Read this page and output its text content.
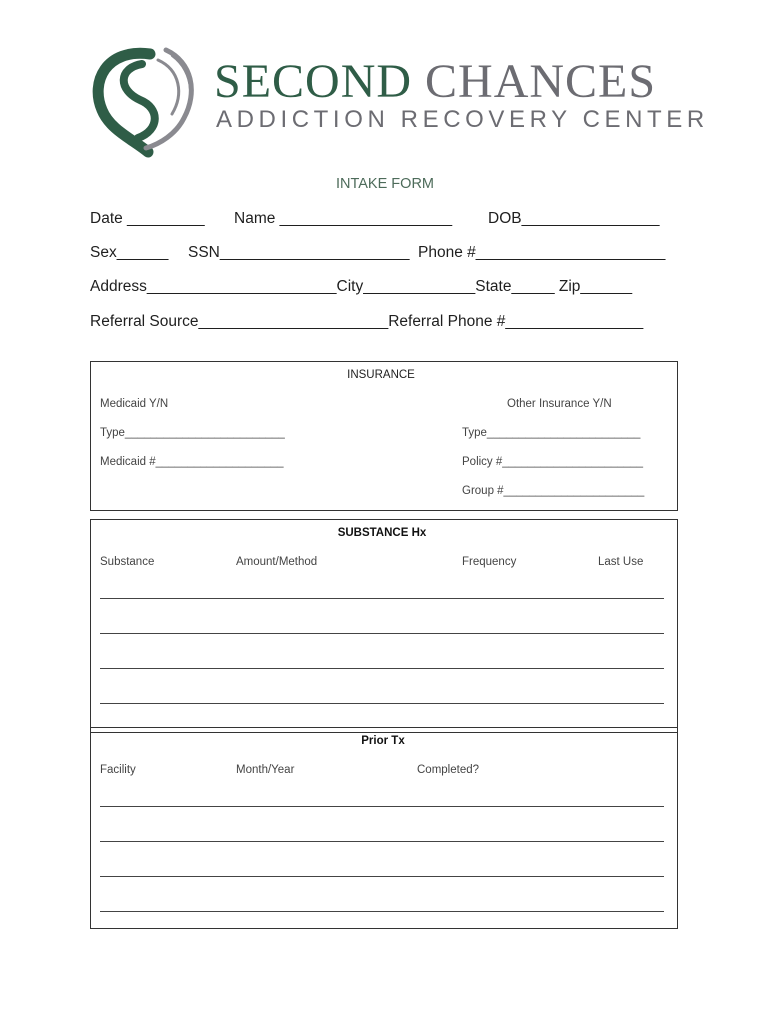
SECOND CHANCES
ADDICTION RECOVERY CENTER
INTAKE FORM
Date _________ Name ____________________ DOB________________
Sex______ SSN______________________ Phone #______________________
Address______________________City_____________State_____ Zip______
Referral Source______________________Referral Phone #________________
INSURANCE
Medicaid Y/N	Other Insurance Y/N
Type_________________________	Type________________________
Medicaid #____________________	Policy #______________________
Group #______________________
SUBSTANCE Hx
Substance	Amount/Method	Frequency	Last Use
Prior Tx
Facility	Month/Year	Completed?
